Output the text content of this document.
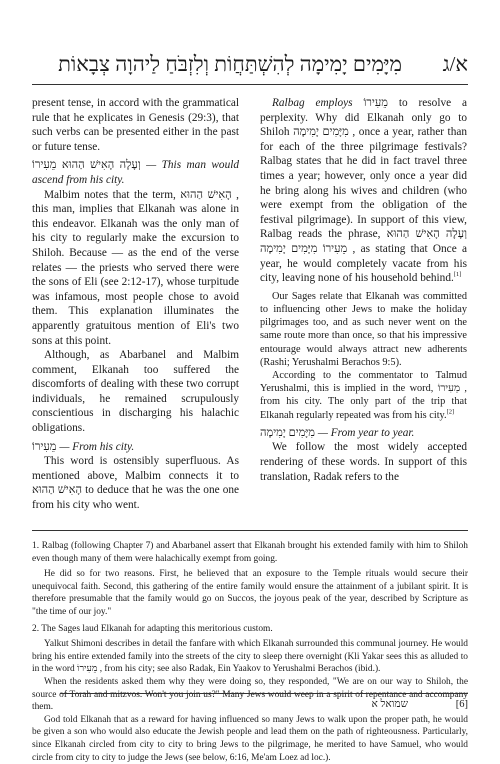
מִיָּמִים יָמִימָה לְהִשְׁתַּחֲוֹת וְלִזְבֹּחַ לַיהוָה צְבָאוֹת	א/ג

present tense, in accord with the grammatical rule that he explicates in Genesis (29:3), that such verbs can be presented either in the past or future tense.

וְעָלָה הָאִישׁ הַהוּא מֵעִירוֹ — This man would ascend from his city.

Malbim notes that the term, הָאִישׁ הַהוּא , this man, implies that Elkanah was alone in this endeavor. Elkanah was the only man of his city to regularly make the excursion to Shiloh. Because — as the end of the verse relates — the priests who served there were the sons of Eli (see 2:12-17), whose turpitude was infamous, most people chose to avoid them. This explanation illuminates the apparently gratuitous mention of Eli's two sons at this point.

Although, as Abarbanel and Malbim comment, Elkanah too suffered the discomforts of dealing with these two corrupt individuals, he remained scrupulously conscientious in discharging his halachic obligations.

מֵעִירוֹ — From his city.

This word is ostensibly superfluous. As mentioned above, Malbim connects it to הָאִישׁ הַהוּא to deduce that he was the one one from his city who went.

Ralbag employs מֵעִירוֹ to resolve a perplexity. Why did Elkanah only go to Shiloh מִיָּמִים יָמִימָה , once a year, rather than for each of the three pilgrimage festivals? Ralbag states that he did in fact travel three times a year; however, only once a year did he bring along his wives and children (who were exempt from the obligation of the festival pilgrimage). In support of this view, Ralbag reads the phrase, וְעָלָה הָאִישׁ הַהוּא מֵעִירוֹ מִיָּמִים יָמִימָה , as stating that Once a year, he would completely vacate from his city, leaving none of his household behind.[1]

Our Sages relate that Elkanah was committed to influencing other Jews to make the holiday pilgrimages too, and as such never went on the same route more than once, so that his impressive entourage would always attract new adherents (Rashi; Yerushalmi Berachos 9:5).

According to the commentator to Talmud Yerushalmi, this is implied in the word, מֵעִירוֹ , from his city. The only part of the trip that Elkanah regularly repeated was from his city.[2]

מִיָּמִים יָמִימָה — From year to year.

We follow the most widely accepted rendering of these words. In support of this translation, Radak refers to the

1. Ralbag (following Chapter 7) and Abarbanel assert that Elkanah brought his extended family with him to Shiloh even though many of them were halachically exempt from going.

He did so for two reasons. First, he believed that an exposure to the Temple rituals would secure their unequivocal faith. Second, this gathering of the entire family would ensure the attainment of a jubilant spirit. It is therefore presumable that the family would go on Succos, the joyous peak of the year, described by Scripture as "the time of our joy."

2. The Sages laud Elkanah for adapting this meritorious custom.

Yalkut Shimoni describes in detail the fanfare with which Elkanah surrounded this communal journey. He would bring his entire extended family into the streets of the city to sleep there overnight (Kli Yakar sees this as alluded to in the word מֵעִירוֹ , from his city; see also Radak, Ein Yaakov to Yerushalmi Berachos (ibid.).

When the residents asked them why they were doing so, they responded, "We are on our way to Shiloh, the source of Torah and mitzvos. Won't you join us?" Many Jews would weep in a spirit of repentance and accompany them.

God told Elkanah that as a reward for having influenced so many Jews to walk upon the proper path, he would be given a son who would also educate the Jewish people and lead them on the path of righteousness. Particularly, since Elkanah circled from city to city to bring Jews to the pilgrimage, he merited to have Samuel, who would circle from city to city to judge the Jews (see below, 6:16, Me'am Loez ad loc.).

שמואל א	[6]
